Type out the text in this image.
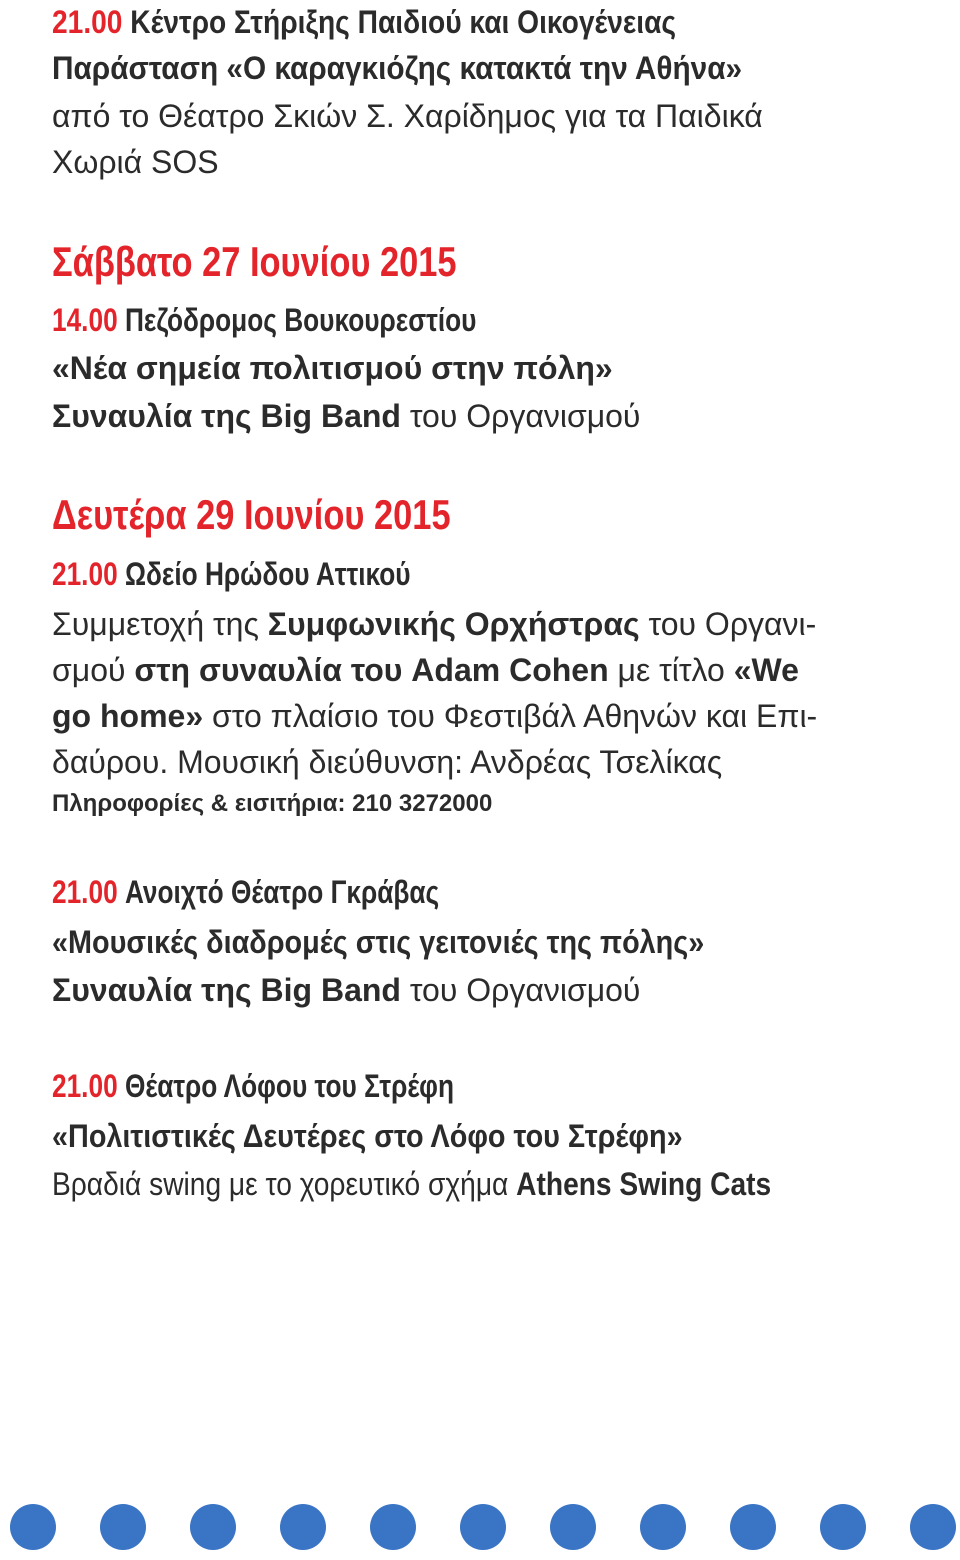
21.00 Κέντρο Στήριξης Παιδιού και Οικογένειας
Παράσταση «Ο καραγκιόζης κατακτά την Αθήνα»
από το Θέατρο Σκιών Σ. Χαρίδημος για τα Παιδικά
Χωριά SOS
Σάββατο 27 Ιουνίου 2015
14.00 Πεζόδρομος Βουκουρεστίου
«Νέα σημεία πολιτισμού στην πόλη»
Συναυλία της Big Band του Οργανισμού
Δευτέρα 29 Ιουνίου 2015
21.00 Ωδείο Ηρώδου Αττικού
Συμμετοχή της Συμφωνικής Ορχήστρας του Οργανι-
σμού στη συναυλία του Adam Cohen με τίτλο «We
go home» στο πλαίσιο του Φεστιβάλ Αθηνών και Επι-
δαύρου. Μουσική διεύθυνση: Ανδρέας Τσελίκας
Πληροφορίες & εισιτήρια: 210 3272000
21.00 Ανοιχτό Θέατρο Γκράβας
«Μουσικές διαδρομές στις γειτονιές της πόλης»
Συναυλία της Big Band του Οργανισμού
21.00 Θέατρο Λόφου του Στρέφη
«Πολιτιστικές Δευτέρες στο Λόφο του Στρέφη»
Βραδιά swing με το χορευτικό σχήμα Athens Swing Cats
